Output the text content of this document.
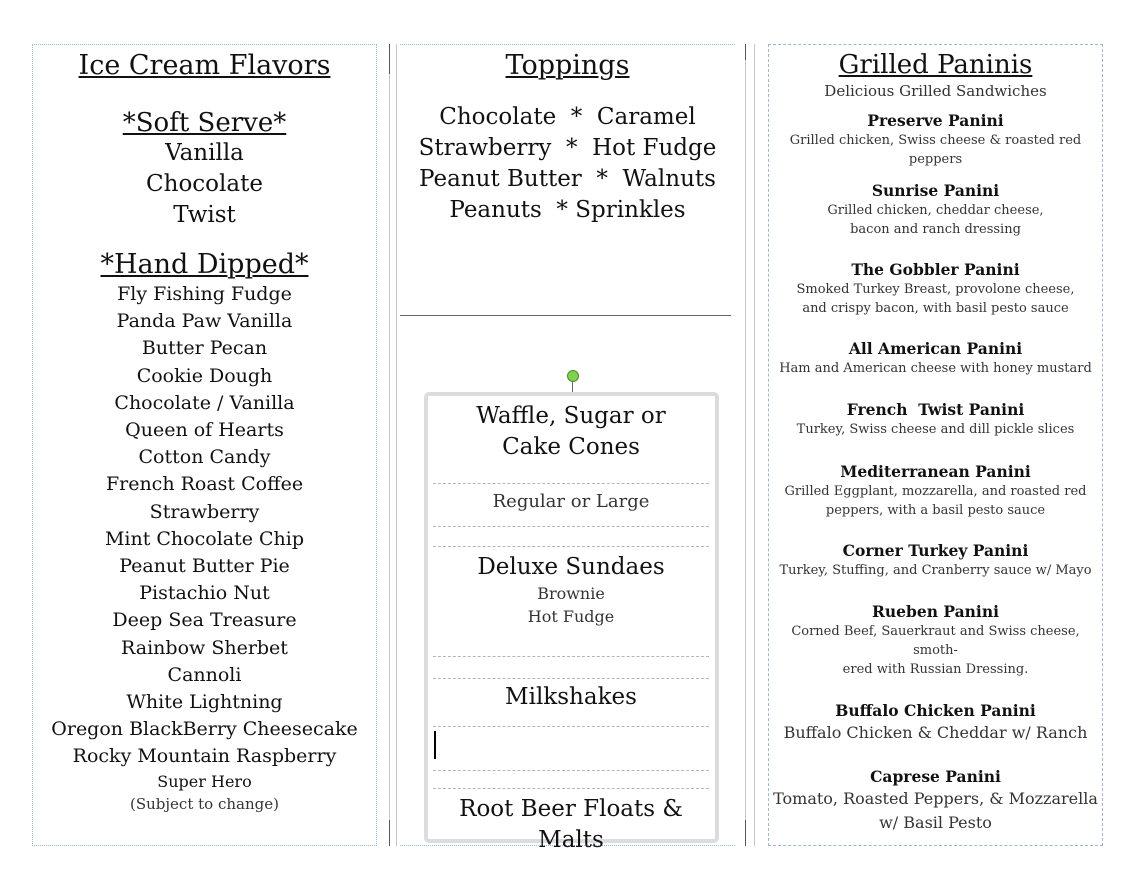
Ice Cream Flavors
*Soft Serve*
Vanilla
Chocolate
Twist
*Hand Dipped*
Fly Fishing Fudge
Panda Paw Vanilla
Butter Pecan
Cookie Dough
Chocolate / Vanilla
Queen of Hearts
Cotton Candy
French Roast Coffee
Strawberry
Mint Chocolate Chip
Peanut Butter Pie
Pistachio Nut
Deep Sea Treasure
Rainbow Sherbet
Cannoli
White Lightning
Oregon BlackBerry Cheesecake
Rocky Mountain Raspberry
Super Hero
(Subject to change)
Toppings
Chocolate  *  Caramel
Strawberry  *  Hot Fudge
Peanut Butter  *  Walnuts
Peanuts  * Sprinkles
Waffle, Sugar or
Cake Cones
Regular or Large
Deluxe Sundaes
Brownie
Hot Fudge
Milkshakes
Root Beer Floats & Malts
Grilled Paninis
Delicious Grilled Sandwiches
Preserve Panini
Grilled chicken, Swiss cheese & roasted red peppers
Sunrise Panini
Grilled chicken, cheddar cheese,
bacon and ranch dressing
The Gobbler Panini
Smoked Turkey Breast, provolone cheese,
and crispy bacon, with basil pesto sauce
All American Panini
Ham and American cheese with honey mustard
French  Twist Panini
Turkey, Swiss cheese and dill pickle slices
Mediterranean Panini
Grilled Eggplant, mozzarella, and roasted red
peppers, with a basil pesto sauce
Corner Turkey Panini
Turkey, Stuffing, and Cranberry sauce w/ Mayo
Rueben Panini
Corned Beef, Sauerkraut and Swiss cheese, smoth-
ered with Russian Dressing.
Buffalo Chicken Panini
Buffalo Chicken & Cheddar w/ Ranch
Caprese Panini
Tomato, Roasted Peppers, & Mozzarella
w/ Basil Pesto
